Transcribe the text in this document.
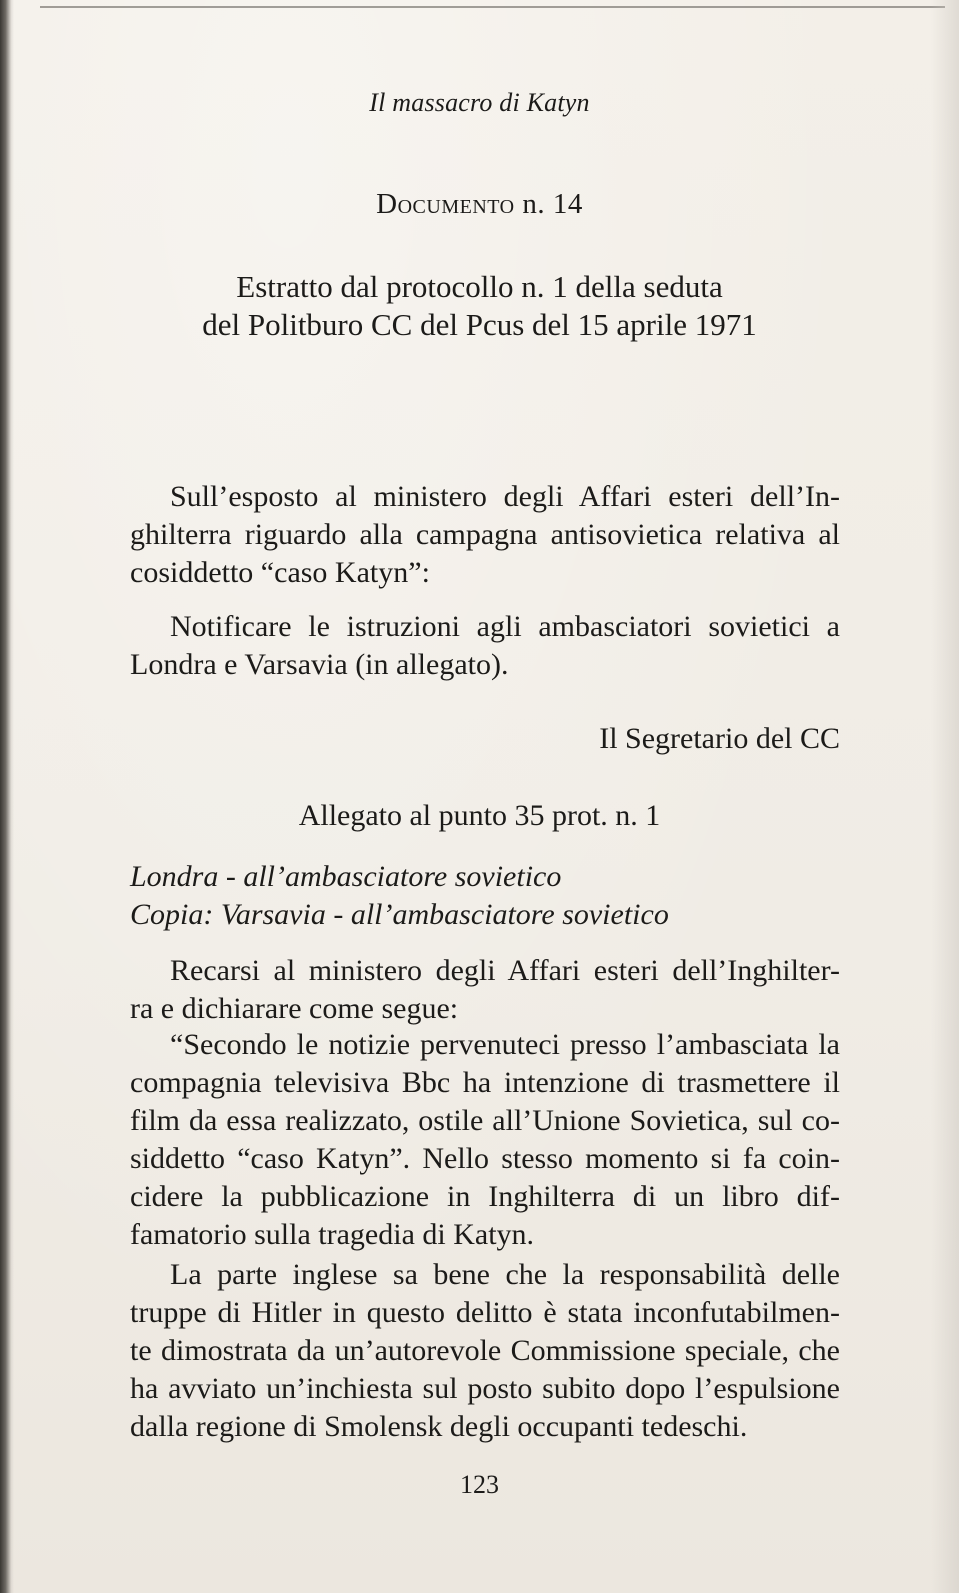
Il massacro di Katyn
Documento n. 14
Estratto dal protocollo n. 1 della seduta
del Politburo CC del Pcus del 15 aprile 1971
Sull’esposto al ministero degli Affari esteri dell’In-
ghilterra riguardo alla campagna antisovietica relativa al
cosiddetto “caso Katyn”:
Notificare le istruzioni agli ambasciatori sovietici a
Londra e Varsavia (in allegato).
Il Segretario del CC
Allegato al punto 35 prot. n. 1
Londra - all’ambasciatore sovietico
Copia: Varsavia - all’ambasciatore sovietico
Recarsi al ministero degli Affari esteri dell’Inghilter-
ra e dichiarare come segue:
“Secondo le notizie pervenuteci presso l’ambasciata la
compagnia televisiva Bbc ha intenzione di trasmettere il
film da essa realizzato, ostile all’Unione Sovietica, sul co-
siddetto “caso Katyn”. Nello stesso momento si fa coin-
cidere la pubblicazione in Inghilterra di un libro dif-
famatorio sulla tragedia di Katyn.
La parte inglese sa bene che la responsabilità delle
truppe di Hitler in questo delitto è stata inconfutabilmen-
te dimostrata da un’autorevole Commissione speciale, che
ha avviato un’inchiesta sul posto subito dopo l’espulsione
dalla regione di Smolensk degli occupanti tedeschi.
123
